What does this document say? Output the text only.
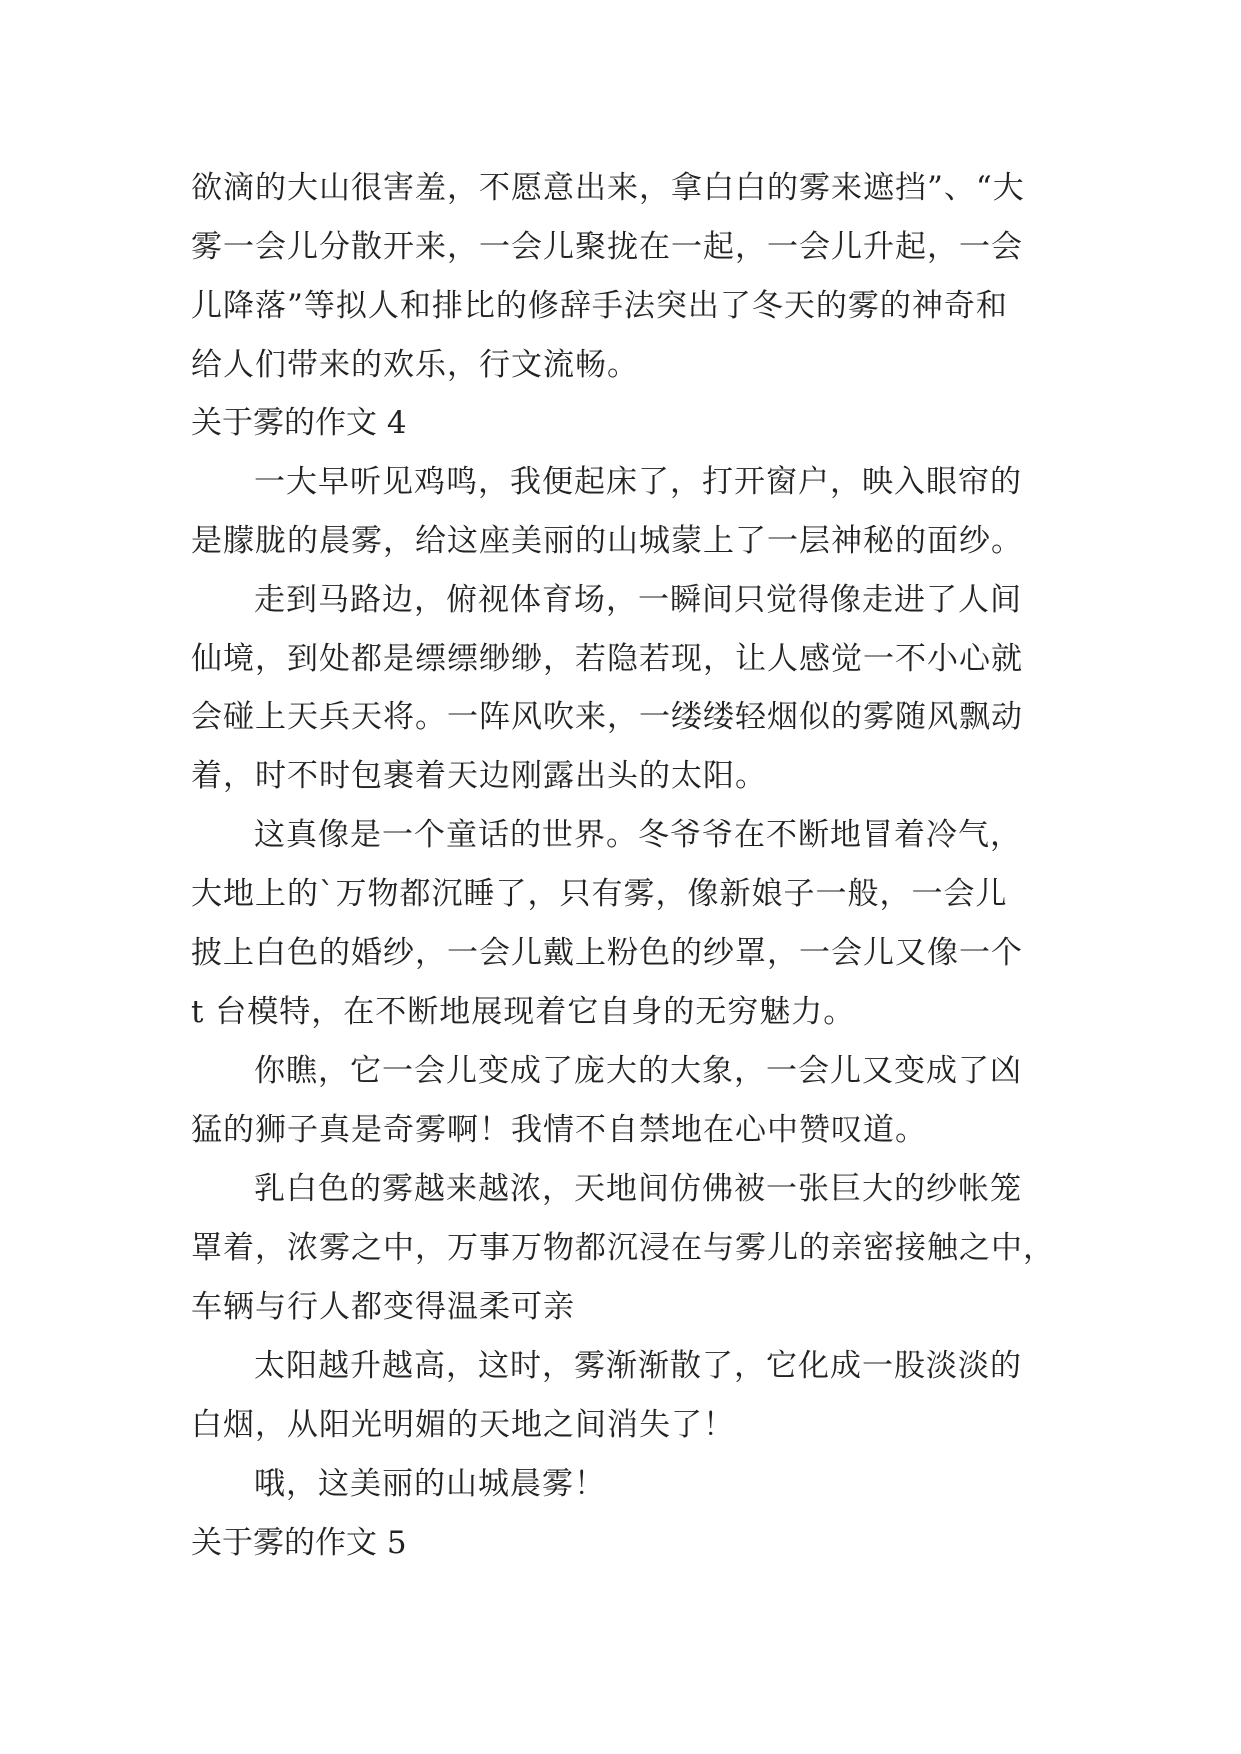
欲滴的大山很害羞，不愿意出来，拿白白的雾来遮挡”、“大
雾一会儿分散开来，一会儿聚拢在一起，一会儿升起，一会
儿降落”等拟人和排比的修辞手法突出了冬天的雾的神奇和
给人们带来的欢乐，行文流畅。
关于雾的作文 4
一大早听见鸡鸣，我便起床了，打开窗户，映入眼帘的
是朦胧的晨雾，给这座美丽的山城蒙上了一层神秘的面纱。
走到马路边，俯视体育场，一瞬间只觉得像走进了人间
仙境，到处都是缥缥缈缈，若隐若现，让人感觉一不小心就
会碰上天兵天将。一阵风吹来，一缕缕轻烟似的雾随风飘动
着，时不时包裹着天边刚露出头的太阳。
这真像是一个童话的世界。冬爷爷在不断地冒着冷气，
大地上的`万物都沉睡了，只有雾，像新娘子一般，一会儿
披上白色的婚纱，一会儿戴上粉色的纱罩，一会儿又像一个
t 台模特，在不断地展现着它自身的无穷魅力。
你瞧，它一会儿变成了庞大的大象，一会儿又变成了凶
猛的狮子真是奇雾啊！我情不自禁地在心中赞叹道。
乳白色的雾越来越浓，天地间仿佛被一张巨大的纱帐笼
罩着，浓雾之中，万事万物都沉浸在与雾儿的亲密接触之中，
车辆与行人都变得温柔可亲
太阳越升越高，这时，雾渐渐散了，它化成一股淡淡的
白烟，从阳光明媚的天地之间消失了！
哦，这美丽的山城晨雾！
关于雾的作文 5
